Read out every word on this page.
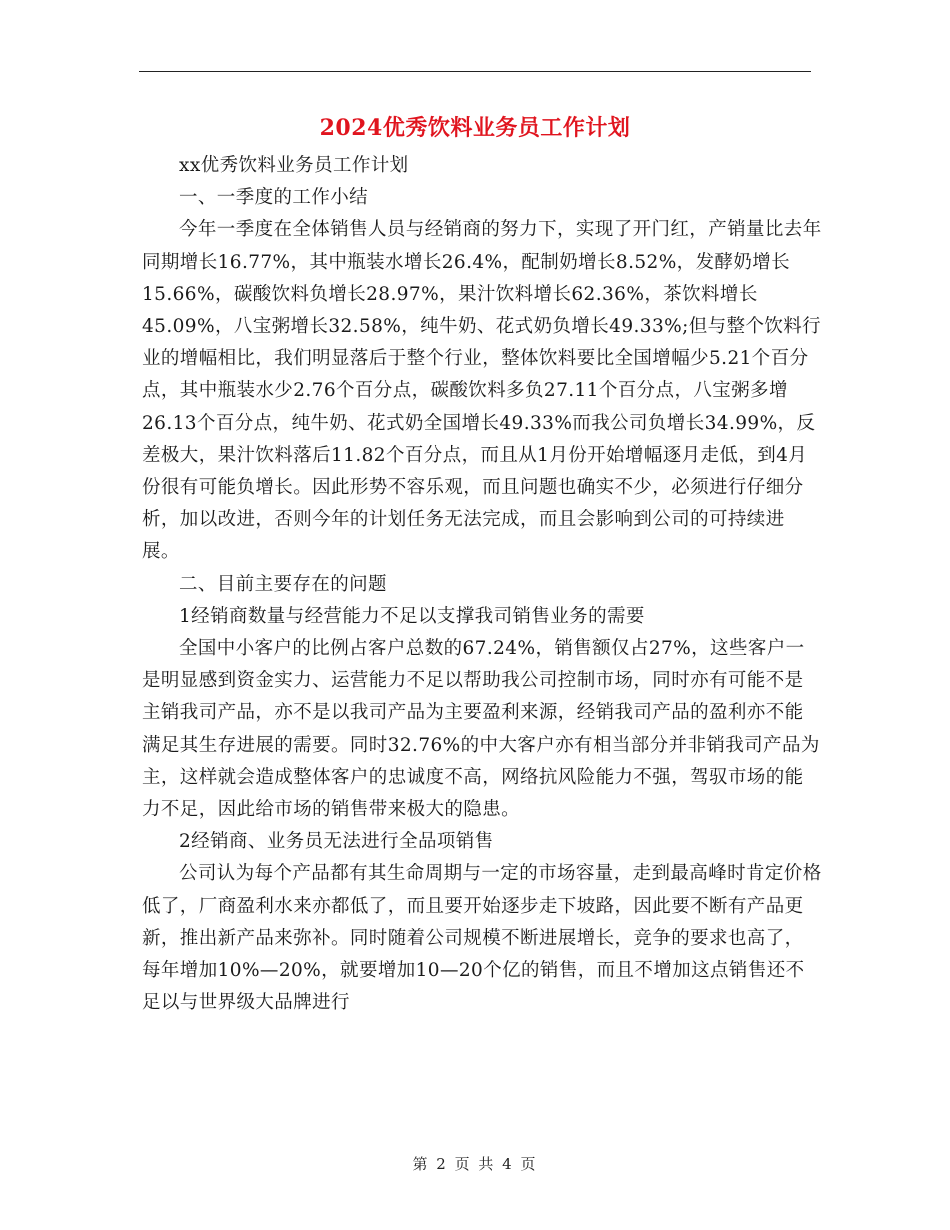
2024优秀饮料业务员工作计划

xx优秀饮料业务员工作计划

一、一季度的工作小结

今年一季度在全体销售人员与经销商的努力下，实现了开门红，产销量比去年同期增长16.77%，其中瓶装水增长26.4%，配制奶增长8.52%，发酵奶增长15.66%，碳酸饮料负增长28.97%，果汁饮料增长62.36%，茶饮料增长45.09%，八宝粥增长32.58%，纯牛奶、花式奶负增长49.33%;但与整个饮料行业的增幅相比，我们明显落后于整个行业，整体饮料要比全国增幅少5.21个百分点，其中瓶装水少2.76个百分点，碳酸饮料多负27.11个百分点，八宝粥多增26.13个百分点，纯牛奶、花式奶全国增长49.33%而我公司负增长34.99%，反差极大，果汁饮料落后11.82个百分点，而且从1月份开始增幅逐月走低，到4月份很有可能负增长。因此形势不容乐观，而且问题也确实不少，必须进行仔细分析，加以改进，否则今年的计划任务无法完成，而且会影响到公司的可持续进展。

二、目前主要存在的问题

1经销商数量与经营能力不足以支撑我司销售业务的需要

全国中小客户的比例占客户总数的67.24%，销售额仅占27%，这些客户一是明显感到资金实力、运营能力不足以帮助我公司控制市场，同时亦有可能不是主销我司产品，亦不是以我司产品为主要盈利来源，经销我司产品的盈利亦不能满足其生存进展的需要。同时32.76%的中大客户亦有相当部分并非销我司产品为主，这样就会造成整体客户的忠诚度不高，网络抗风险能力不强，驾驭市场的能力不足，因此给市场的销售带来极大的隐患。

2经销商、业务员无法进行全品项销售

公司认为每个产品都有其生命周期与一定的市场容量，走到最高峰时肯定价格低了，厂商盈利水来亦都低了，而且要开始逐步走下坡路，因此要不断有产品更新，推出新产品来弥补。同时随着公司规模不断进展增长，竞争的要求也高了，每年增加10%—20%，就要增加10—20个亿的销售，而且不增加这点销售还不足以与世界级大品牌进行

第 2 页 共 4 页
